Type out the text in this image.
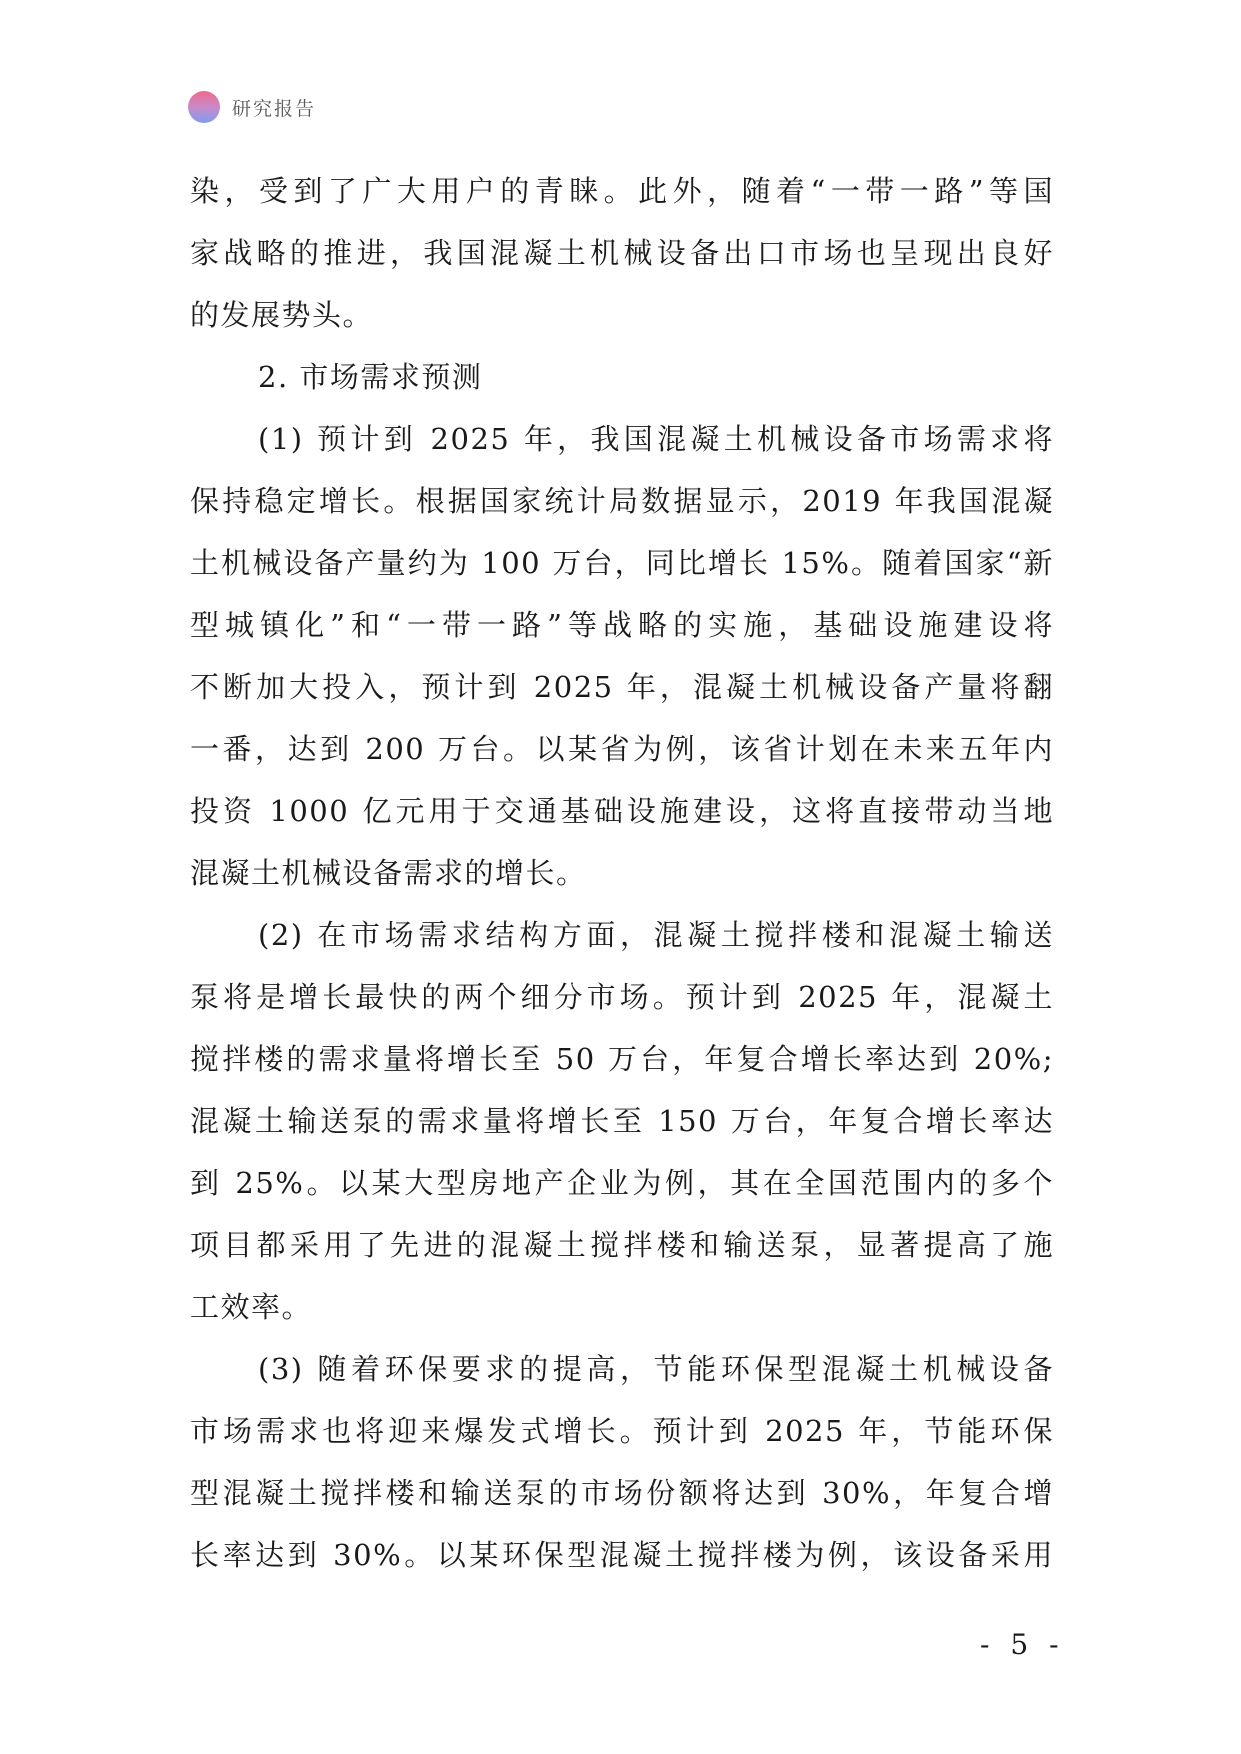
研究报告
染，受到了广大用户的青睐。此外，随着“一带一路”等国
家战略的推进，我国混凝土机械设备出口市场也呈现出良好
的发展势头。
2. 市场需求预测
(1) 预计到 2025 年，我国混凝土机械设备市场需求将
保持稳定增长。根据国家统计局数据显示，2019 年我国混凝
土机械设备产量约为 100 万台，同比增长 15%。随着国家“新
型城镇化”和“一带一路”等战略的实施，基础设施建设将
不断加大投入，预计到 2025 年，混凝土机械设备产量将翻
一番，达到 200 万台。以某省为例，该省计划在未来五年内
投资 1000 亿元用于交通基础设施建设，这将直接带动当地
混凝土机械设备需求的增长。
(2) 在市场需求结构方面，混凝土搅拌楼和混凝土输送
泵将是增长最快的两个细分市场。预计到 2025 年，混凝土
搅拌楼的需求量将增长至 50 万台，年复合增长率达到 20%;
混凝土输送泵的需求量将增长至 150 万台，年复合增长率达
到 25%。以某大型房地产企业为例，其在全国范围内的多个
项目都采用了先进的混凝土搅拌楼和输送泵，显著提高了施
工效率。
(3) 随着环保要求的提高，节能环保型混凝土机械设备
市场需求也将迎来爆发式增长。预计到 2025 年，节能环保
型混凝土搅拌楼和输送泵的市场份额将达到 30%，年复合增
长率达到 30%。以某环保型混凝土搅拌楼为例，该设备采用
- 5 -
